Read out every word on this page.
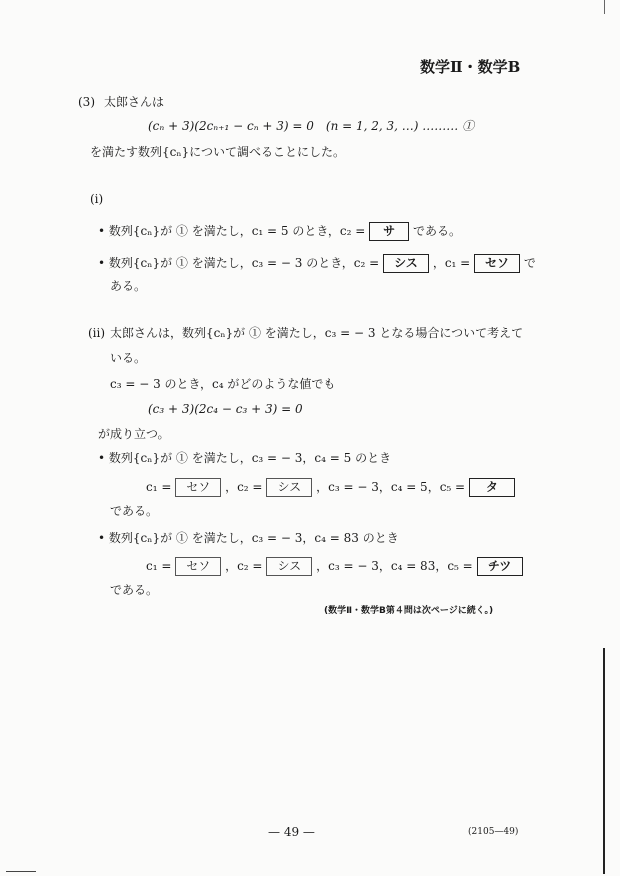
数学Ⅱ・数学B
(3) 太郎さんは
(cₙ + 3)(2cₙ₊₁ − cₙ + 3) = 0　(n = 1, 2, 3, …) ……… ①
を満たす数列{cₙ}について調べることにした。
(i)
• 数列{cₙ}が ① を満たし，c₁ = 5 のとき，c₂ = サ である。
• 数列{cₙ}が ① を満たし，c₃ = − 3 のとき，c₂ = シス ，c₁ = セソ で
ある。
(ii) 太郎さんは，数列{cₙ}が ① を満たし，c₃ = − 3 となる場合について考えて
いる。
c₃ = − 3 のとき，c₄ がどのような値でも
(c₃ + 3)(2c₄ − c₃ + 3) = 0
が成り立つ。
• 数列{cₙ}が ① を満たし，c₃ = − 3，c₄ = 5 のとき
c₁ = セソ ，c₂ = シス ，c₃ = − 3，c₄ = 5，c₅ = タ
である。
• 数列{cₙ}が ① を満たし，c₃ = − 3，c₄ = 83 のとき
c₁ = セソ ，c₂ = シス ，c₃ = − 3，c₄ = 83，c₅ = チツ
である。
(数学Ⅱ・数学B第４問は次ページに続く。)
— 49 —	(2105—49)
